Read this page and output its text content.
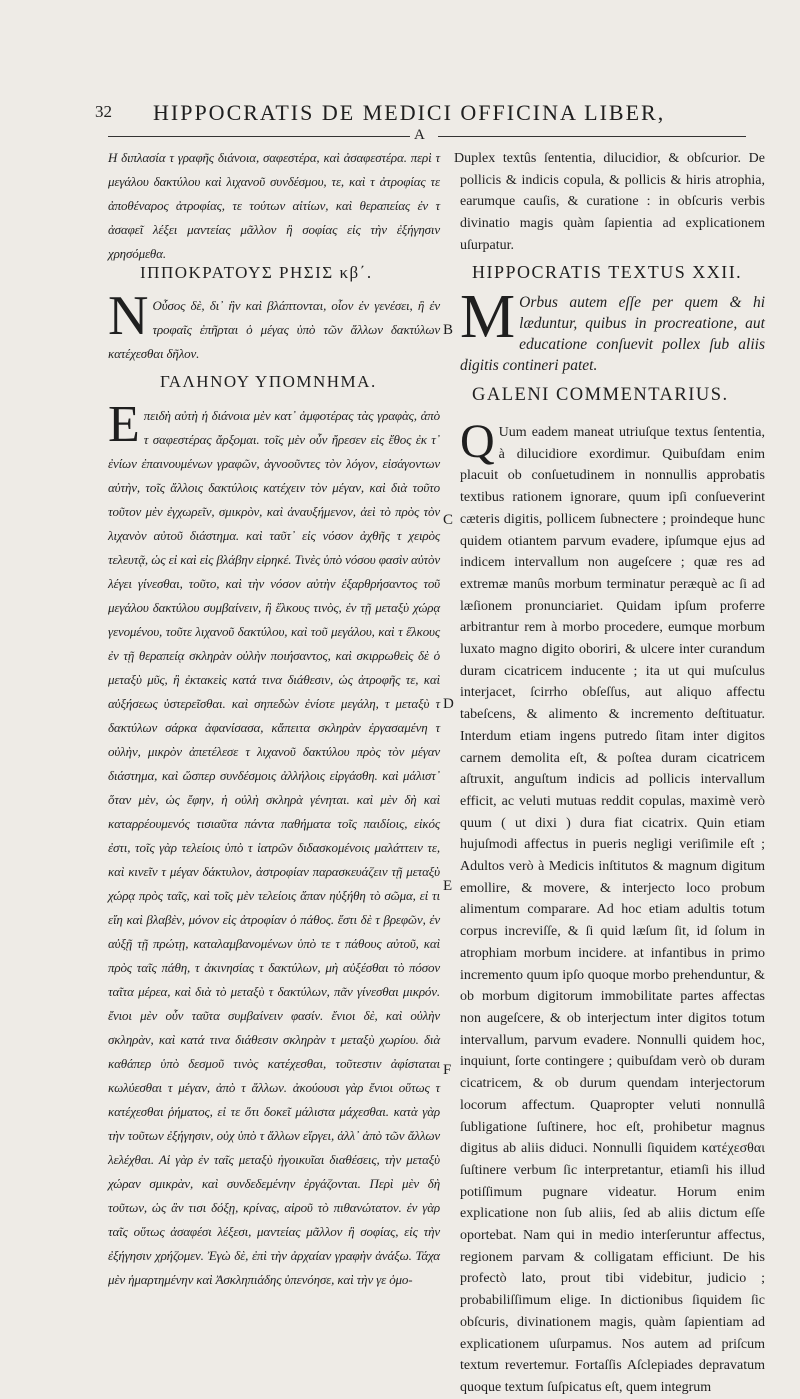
32 HIPPOCRATIS DE MEDICI OFFICINA LIBER,
A
B
C
D
E
F

Η διπλασία τ γραφῆς διάνοια, σαφεστέρα, καὶ ἀσαφεστέρα. περὶ τ μεγάλου δακτύλου καὶ λιχανοῦ συνδέσμου, τε, καὶ τ ἀτροφίας τε ἀποθέναρος ἀτροφίας, τε τούτων αἰτίων, καὶ θεραπείας ἐν τ ἀσαφεῖ λέξει μαντείας μᾶλλον ἢ σοφίας εἰς τὴν ἐξήγησιν χρησόμεθα.

ΙΠΠΟΚΡΑΤΟΥΣ ΡΗΣΙΣ κβ΄.
Ν Οὖσος δὲ, δι᾽ ἣν καὶ βλάπτονται, οἷον ἐν γενέσει, ἢ ἐν τροφαῖς ἐπῆρται ὁ μέγας ὑπὸ τῶν ἄλλων δακτύλων κατέχεσθαι δῆλον.

ΓΑΛΗΝΟΥ ΥΠΟΜΝΗΜΑ.
Ε πειδὴ αὐτὴ ἡ διάνοια μὲν κατ᾽ ἀμφοτέρας τὰς γραφὰς, ἀπὸ τ σαφεστέρας ἄρξομαι. τοῖς μὲν οὖν ἤρεσεν εἰς ἔθος ἐκ τ᾽ ἐνίων ἐπαινουμένων γραφῶν, ἀγνοοῦντες τὸν λόγον, εἰσάγοντων αὐτὴν, τοῖς ἄλλοις δακτύλοις κατέχειν τὸν μέγαν, καὶ διὰ τοῦτο τοῦτον μὲν ἐγχωρεῖν, σμικρὸν, καὶ ἀναυξήμενον, ἀεὶ τὸ πρὸς τὸν λιχανὸν αὐτοῦ διάστημα. καὶ ταῦτ᾽ εἰς νόσον ἀχθῆς τ χειρὸς τελευτᾷ, ὡς εἰ καὶ εἰς βλάβην εἰρηκέ. Τινὲς ὑπὸ νόσου φασὶν αὐτὸν λέγει γίνεσθαι, τοῦτο, καὶ τὴν νόσον αὐτὴν ἐξαρθρήσαντος τοῦ μεγάλου δακτύλου συμβαίνειν, ἢ ἕλκους τινὸς, ἐν τῇ μεταξὺ χώρᾳ γενομένου, τοῦτε λιχανοῦ δακτύλου, καὶ τοῦ μεγάλου, καὶ τ ἕλκους ἐν τῇ θεραπείᾳ σκληρὰν οὐλὴν ποιήσαντος, καὶ σκιρρωθεὶς δὲ ὁ μεταξὺ μῦς, ἢ ἐκτακεὶς κατά τινα διάθεσιν, ὡς ἀτροφῆς τε, καὶ αὐξήσεως ὑστερεῖσθαι. καὶ σηπεδὼν ἐνίοτε μεγάλη, τ μεταξὺ τ δακτύλων σάρκα ἀφανίσασα, κἄπειτα σκληρὰν ἐργασαμένη τ οὐλὴν, μικρὸν ἀπετέλεσε τ λιχανοῦ δακτύλου πρὸς τὸν μέγαν διάστημα, καὶ ὥσπερ συνδέσμοις ἀλλήλοις εἰργάσθη. καὶ μάλιστ᾽ ὅταν μὲν, ὡς ἔφην, ἡ οὐλὴ σκληρὰ γένηται. καὶ μὲν δὴ καὶ καταρρέουμενός τισιαῦτα πάντα παθήματα τοῖς παιδίοις, εἰκός ἐστι, τοῖς γὰρ τελείοις ὑπὸ τ ἰατρῶν διδασκομένοις μαλάττειν τε, καὶ κινεῖν τ μέγαν δάκτυλον, ἀστροφίαν παρασκευάζειν τῇ μεταξὺ χώρᾳ πρὸς ταῖς, καὶ τοῖς μὲν τελείοις ἅπαν ηὐξήθη τὸ σῶμα, εἰ τι εἴη καὶ βλαβὲν, μόνον εἰς ἀτροφίαν ὁ πάθος. ἔστι δὲ τ βρεφῶν, ἐν αὐξῇ τῇ πρώτῃ, καταλαμβανομένων ὑπὸ τε τ πάθους αὐτοῦ, καὶ πρὸς ταῖς πάθη, τ ἀκινησίας τ δακτύλων, μὴ αὐξέσθαι τὸ πόσον ταῖτα μέρεα, καὶ διὰ τὸ μεταξὺ τ δακτύλων, πᾶν γίνεσθαι μικρόν. ἔνιοι μὲν οὖν ταῦτα συμβαίνειν φασίν. ἔνιοι δὲ, καὶ οὐλὴν σκληρὰν, καὶ κατά τινα διάθεσιν σκληρὰν τ μεταξὺ χωρίου. διὰ καθάπερ ὑπὸ δεσμοῦ τινὸς κατέχεσθαι, τοῦτεστιν ἀφίσταται κωλύεσθαι τ μέγαν, ἀπὸ τ ἄλλων. ἀκούουσι γὰρ ἔνιοι οὕτως τ κατέχεσθαι ῥήματος, εἰ τε ὅτι δοκεῖ μάλιστα μάχεσθαι. κατὰ γὰρ τὴν τοῦτων ἐξήγησιν, οὐχ ὑπὸ τ ἄλλων εἴργει, ἀλλ᾽ ἀπὸ τῶν ἄλλων λελέχθαι. Αἱ γὰρ ἐν ταῖς μεταξὺ ἠγοικυῖαι διαθέσεις, τὴν μεταξὺ χώραν σμικρὰν, καὶ συνδεδεμένην ἐργάζονται. Περὶ μὲν δὴ τοῦτων, ὡς ἂν τισι δόξῃ, κρίνας, αἱροῦ τὸ πιθανώτατον. ἐν γὰρ ταῖς οὕτως ἀσαφέσι λέξεσι, μαντείας μᾶλλον ἢ σοφίας, εἰς τὴν ἐξήγησιν χρήζομεν. Ἐγὼ δὲ, ἐπὶ τὴν ἀρχαίαν γραφὴν ἀνάξω. Τάχα μὲν ἡμαρτημένην καὶ Ἀσκληπιάδης ὑπενόησε, καὶ τὴν γε ὁμο-

Duplex textûs ſententia, dilucidior, & obſcurior. De pollicis & indicis copula, & pollicis & hiris atrophia, earumque cauſis, & curatione : in obſcuris verbis divinatio magis quàm ſapientia ad explicationem uſurpatur.

HIPPOCRATIS TEXTUS XXII.
M Orbus autem eſſe per quem & hi læduntur, quibus in procreatione, aut educatione conſuevit pollex ſub aliis digitis contineri patet.

GALENI COMMENTARIUS.
Q Uum eadem maneat utriuſque textus ſententia, à dilucidiore exordimur. Quibuſdam enim placuit ob conſuetudinem in nonnullis approbatis textibus rationem ignorare, quum ipſi conſueverint cæteris digitis, pollicem ſubnectere ; proindeque hunc quidem otiantem parvum evadere, ipſumque ejus ad indicem intervallum non augeſcere ; quæ res ad extremæ manûs morbum terminatur peræquè ac ſi ad læſionem pronunciariet. Quidam ipſum proferre arbitrantur rem à morbo procedere, eumque morbum luxato magno digito oboriri, & ulcere inter curandum duram cicatricem inducente ; ita ut qui muſculus interjacet, ſcirrho obſeſſus, aut aliquo affectu tabeſcens, & alimento & incremento deſtituatur. Interdum etiam ingens putredo ſitam inter digitos carnem demolita eſt, & poſtea duram cicatricem aſtruxit, anguſtum indicis ad pollicis intervallum efficit, ac veluti mutuas reddit copulas, maximè verò quum ( ut dixi ) dura fiat cicatrix. Quin etiam hujuſmodi affectus in pueris negligi veriſimile eſt ; Adultos verò à Medicis inſtitutos & magnum digitum emollire, & movere, & interjecto loco probum alimentum comparare. Ad hoc etiam adultis totum corpus increviſſe, & ſi quid læſum ſit, id ſolum in atrophiam morbum incidere. at infantibus in primo incremento quum ipſo quoque morbo prehenduntur, & ob morbum digitorum immobilitate partes affectas non augeſcere, & ob interjectum inter digitos totum intervallum, parvum evadere. Nonnulli quidem hoc, inquiunt, ſorte contingere ; quibuſdam verò ob duram cicatricem, & ob durum quendam interjectorum locorum affectum. Quapropter veluti nonnullâ ſubligatione ſuſtinere, hoc eſt, prohibetur magnus digitus ab aliis diduci. Nonnulli ſiquidem κατέχεσθαι ſuſtinere verbum ſic interpretantur, etiamſi his illud potiſſimum pugnare videatur. Horum enim explicatione non ſub aliis, ſed ab aliis dictum eſſe oportebat. Nam qui in medio interſeruntur affectus, regionem parvam & colligatam efficiunt. De his profectò lato, prout tibi videbitur, judicio ; probabiliſſimum elige. In dictionibus ſiquidem ſic obſcuris, divinationem magis, quàm ſapientiam ad explicationem uſurpamus. Nos autem ad priſcum textum revertemur. Fortaſſis Aſclepiades depravatum quoque textum ſuſpicatus eſt, quem integrum
